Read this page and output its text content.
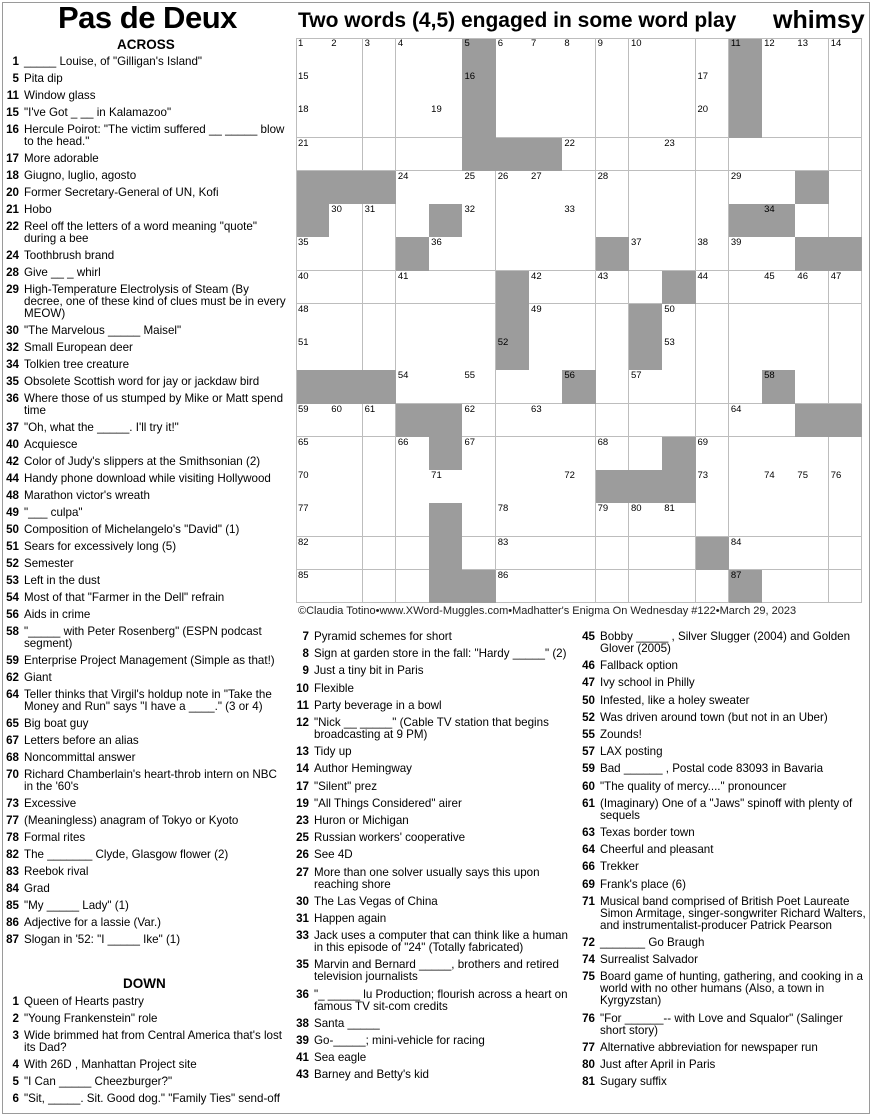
Pas de Deux	Two words (4,5) engaged in some word play whimsy
ACROSS
DOWN
1	2	3	4	5	6	7	8	9	10	11 12 13 14
15	16	17
18	19	20
21	22	23
24	25 26 27	28	29
30 31	32	33	34
35	36	37	38 39
40	41	42	43	44	45 46 47
48	49	50
51	52	53
54	55	56	57	58
59 60 61	62	63	64
65	66	67	68	69
70	71	72	73	74 75 76
77	78	79 80 81
82	83	84
85	86	87
©Claudia Totino•www.XWord-Muggles.com•Madhatter's Enigma On Wednesday #122•March 29, 2023
1 _____ Louise, of "Gilligan's Island"
5 Pita dip
11 Window glass
15 "I've Got _ __ in Kalamazoo"
16 Hercule Poirot: "The victim suffered __ _____ blow to the head."
17 More adorable
18 Giugno, luglio, agosto
20 Former Secretary-General of UN, Kofi
21 Hobo
22 Reel off the letters of a word meaning "quote" during a bee
24 Toothbrush brand
28 Give __ _ whirl
29 High-Temperature Electrolysis of Steam (By decree, one of these kind of clues must be in every MEOW)
30 "The Marvelous _____ Maisel"
32 Small European deer
34 Tolkien tree creature
35 Obsolete Scottish word for jay or jackdaw bird
36 Where those of us stumped by Mike or Matt spend time
37 "Oh, what the _____. I'll try it!"
40 Acquiesce
42 Color of Judy's slippers at the Smithsonian (2)
44 Handy phone download while visiting Hollywood
48 Marathon victor's wreath
49 "___ culpa"
50 Composition of Michelangelo's "David" (1)
51 Sears for excessively long (5)
52 Semester
53 Left in the dust
54 Most of that "Farmer in the Dell" refrain
56 Aids in crime
58 "_____ with Peter Rosenberg" (ESPN podcast segment)
59 Enterprise Project Management (Simple as that!)
62 Giant
64 Teller thinks that Virgil's holdup note in "Take the Money and Run" says "I have a ____." (3 or 4)
65 Big boat guy
67 Letters before an alias
68 Noncommittal answer
70 Richard Chamberlain's heart-throb intern on NBC in the '60's
73 Excessive
77 (Meaningless) anagram of Tokyo or Kyoto
78 Formal rites
82 The _______ Clyde, Glasgow flower (2)
83 Reebok rival
84 Grad
85 "My _____ Lady" (1)
86 Adjective for a lassie (Var.)
87 Slogan in '52: "I _____ Ike" (1)
1 Queen of Hearts pastry
2 "Young Frankenstein" role
3 Wide brimmed hat from Central America that's lost its Dad?
4 With 26D , Manhattan Project site
5 "I Can _____ Cheezburger?"
6 "Sit, _____. Sit. Good dog." "Family Ties" send-off
7 Pyramid schemes for short
8 Sign at garden store in the fall: "Hardy _____" (2)
9 Just a tiny bit in Paris
10 Flexible
11 Party beverage in a bowl
12 "Nick __ _____" (Cable TV station that begins broadcasting at 9 PM)
13 Tidy up
14 Author Hemingway
17 "Silent" prez
19 "All Things Considered" airer
23 Huron or Michigan
25 Russian workers' cooperative
26 See 4D
27 More than one solver usually says this upon reaching shore
30 The Las Vegas of China
31 Happen again
33 Jack uses a computer that can think like a human in this episode of "24" (Totally fabricated)
35 Marvin and Bernard _____, brothers and retired television journalists
36 "_ _____ lu Production; flourish across a heart on famous TV sit-com credits
38 Santa _____
39 Go-_____; mini-vehicle for racing
41 Sea eagle
43 Barney and Betty's kid
45 Bobby _____ , Silver Slugger (2004) and Golden Glover (2005)
46 Fallback option
47 Ivy school in Philly
50 Infested, like a holey sweater
52 Was driven around town (but not in an Uber)
55 Zounds!
57 LAX posting
59 Bad ______ , Postal code 83093 in Bavaria
60 "The quality of mercy...." pronouncer
61 (Imaginary) One of a "Jaws" spinoff with plenty of sequels
63 Texas border town
64 Cheerful and pleasant
66 Trekker
69 Frank's place (6)
71 Musical band comprised of British Poet Laureate Simon Armitage, singer-songwriter Richard Walters, and instrumentalist-producer Patrick Pearson
72 _______ Go Braugh
74 Surrealist Salvador
75 Board game of hunting, gathering, and cooking in a world with no other humans (Also, a town in Kyrgyzstan)
76 "For ______-- with Love and Squalor" (Salinger short story)
77 Alternative abbreviation for newspaper run
80 Just after April in Paris
81 Sugary suffix
